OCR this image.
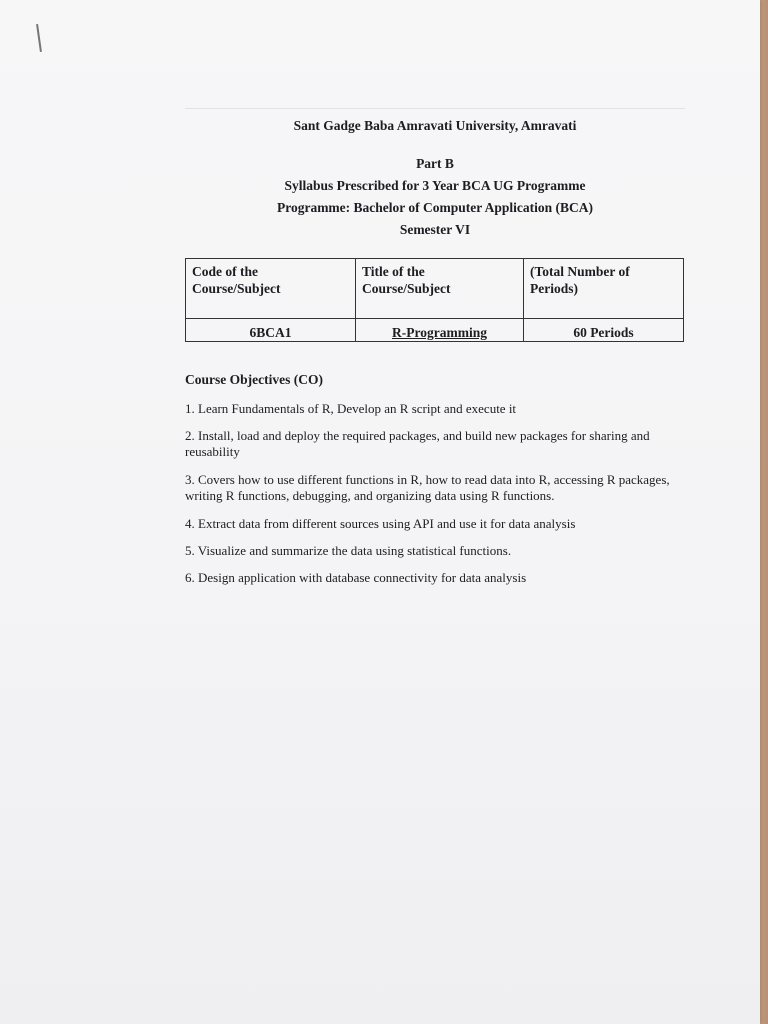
Sant Gadge Baba Amravati University, Amravati
Part B
Syllabus Prescribed for 3 Year BCA UG Programme
Programme: Bachelor of Computer Application (BCA)
Semester VI
Code of the
Course/Subject
Title of the
Course/Subject
(Total Number of
Periods)
6BCA1	R-Programming	60 Periods
Course Objectives (CO)
1. Learn Fundamentals of R, Develop an R script and execute it
2. Install, load and deploy the required packages, and build new packages for sharing and reusability
3. Covers how to use different functions in R, how to read data into R, accessing R packages, writing R functions, debugging, and organizing data using R functions.
4. Extract data from different sources using API and use it for data analysis
5. Visualize and summarize the data using statistical functions.
6. Design application with database connectivity for data analysis
